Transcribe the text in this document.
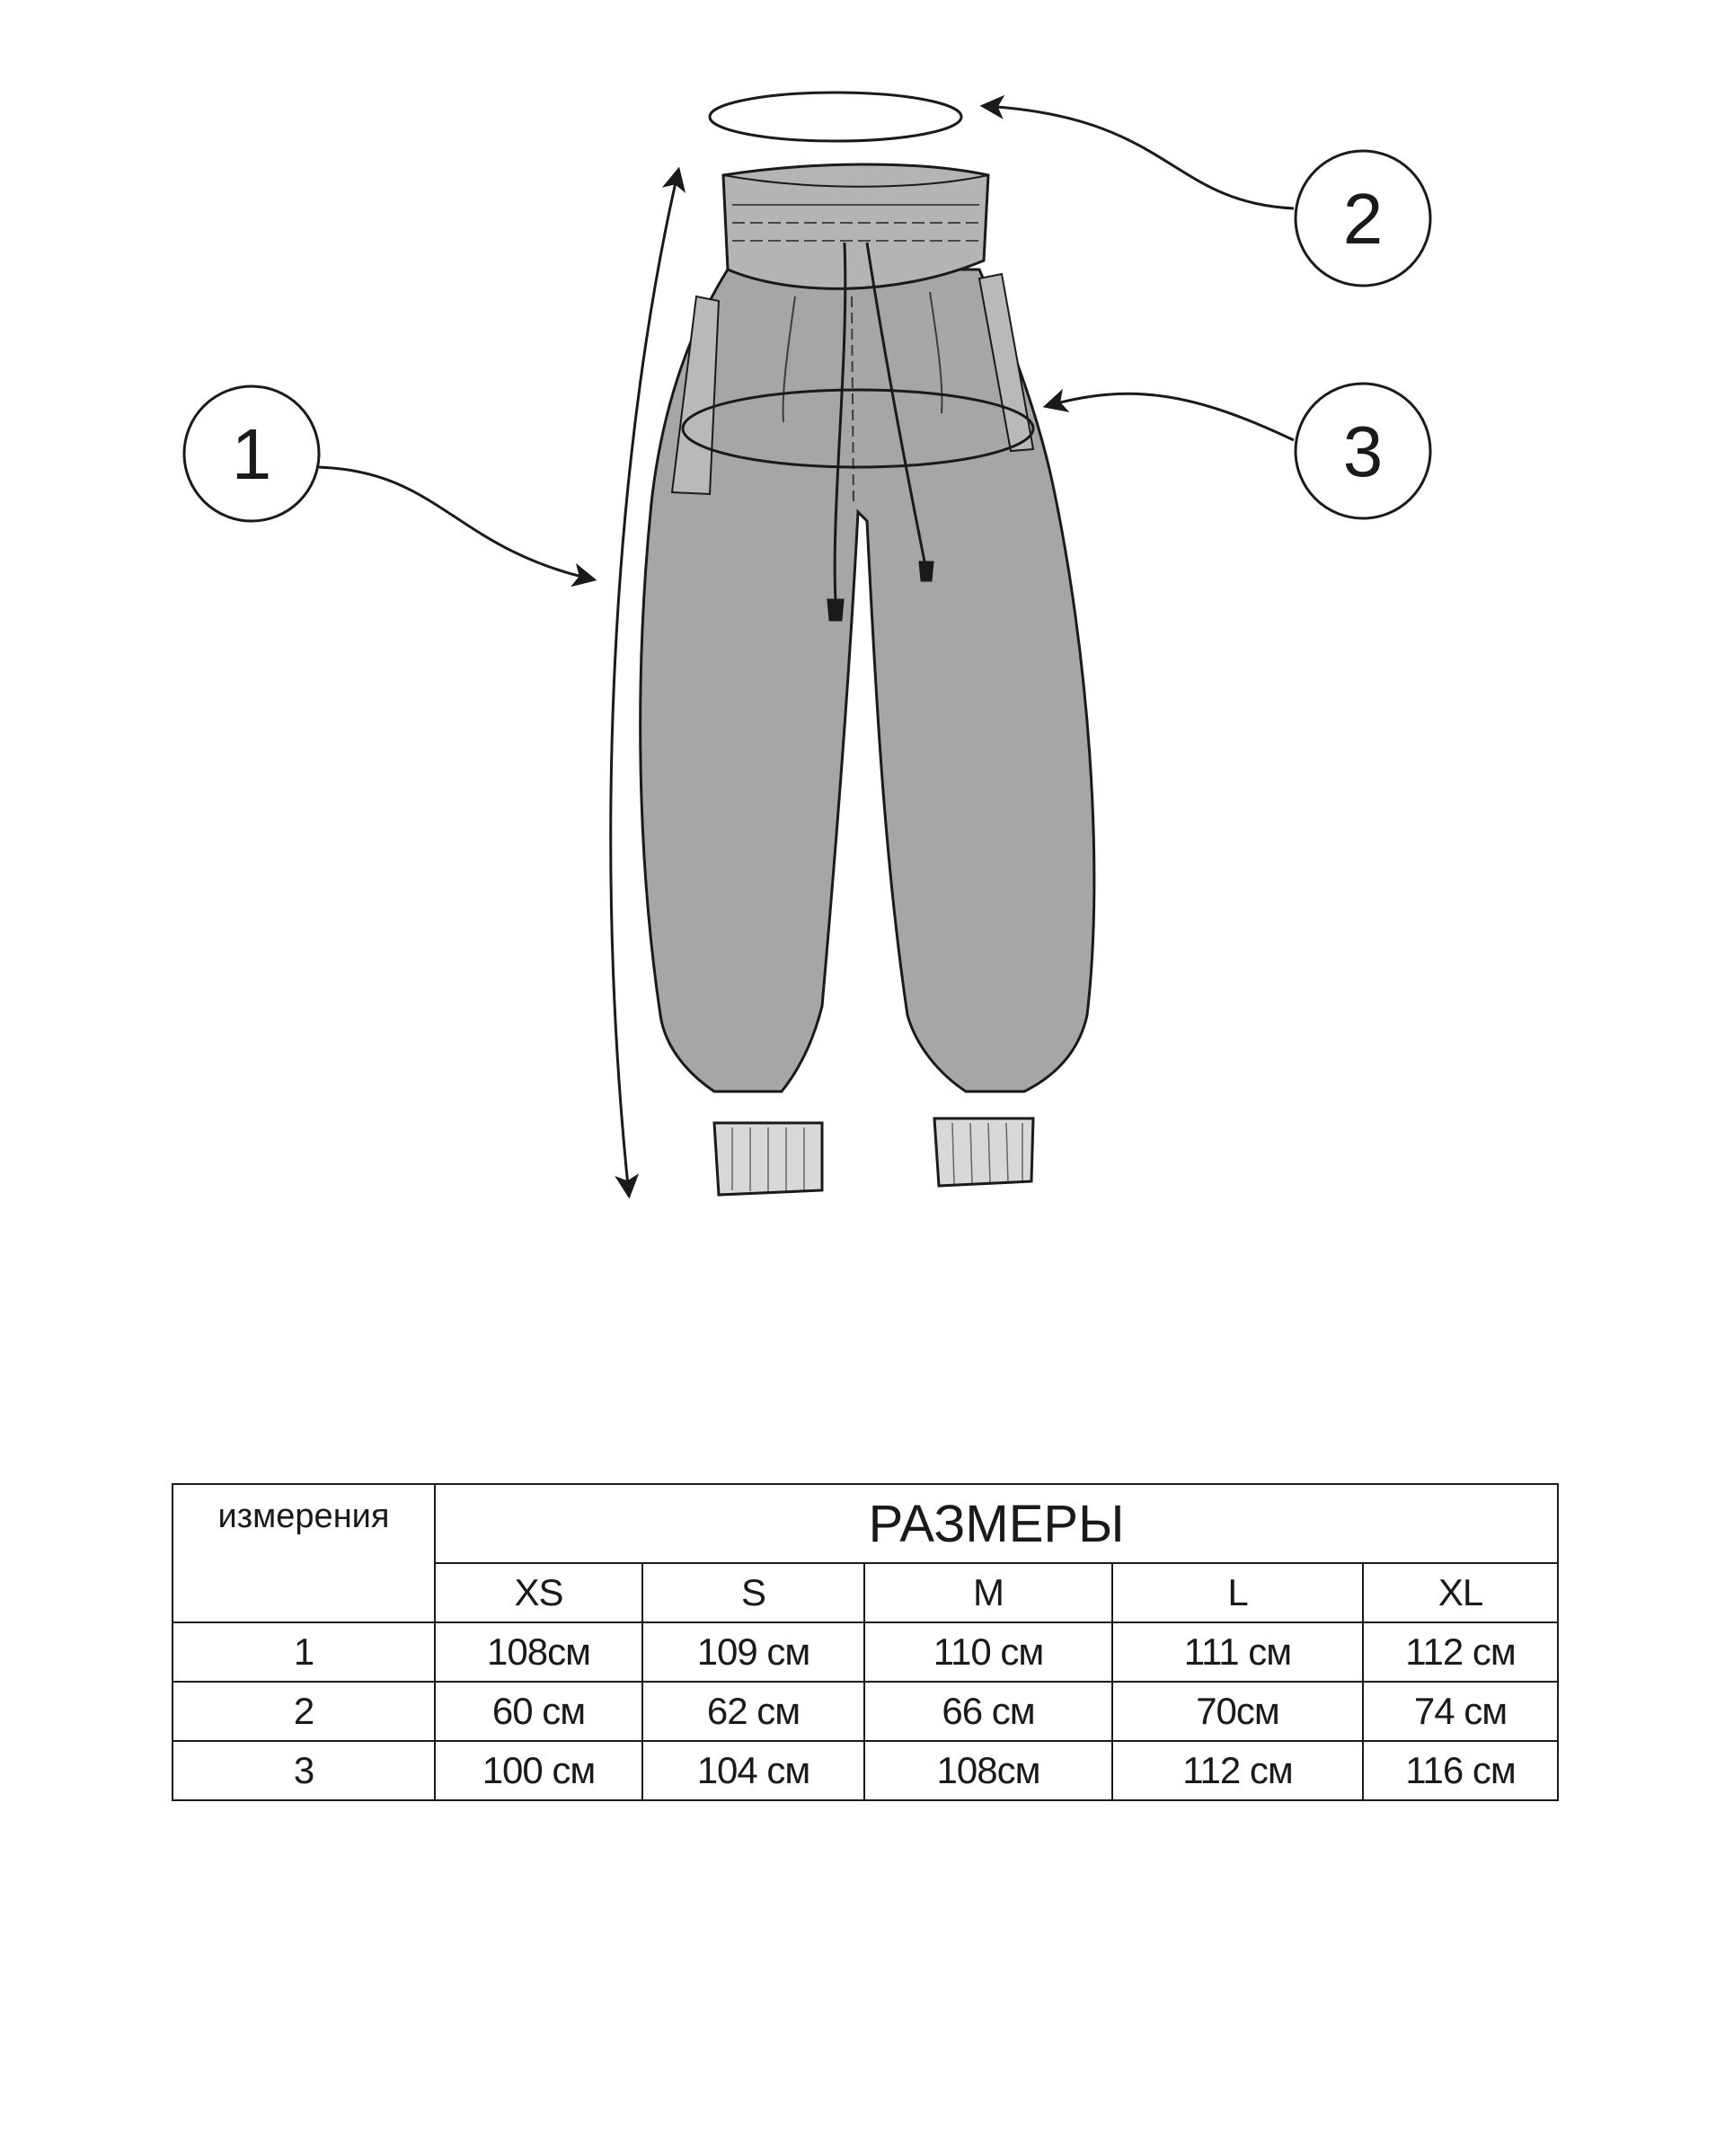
1
2
3
измерения	РАЗМЕРЫ				
	XS	S	M	L	XL
1	108см	109 см	110 см	111 см	112 см
2	60 см	62 см	66 см	70см	74 см
3	100 см	104 см	108см	112 см	116 см
